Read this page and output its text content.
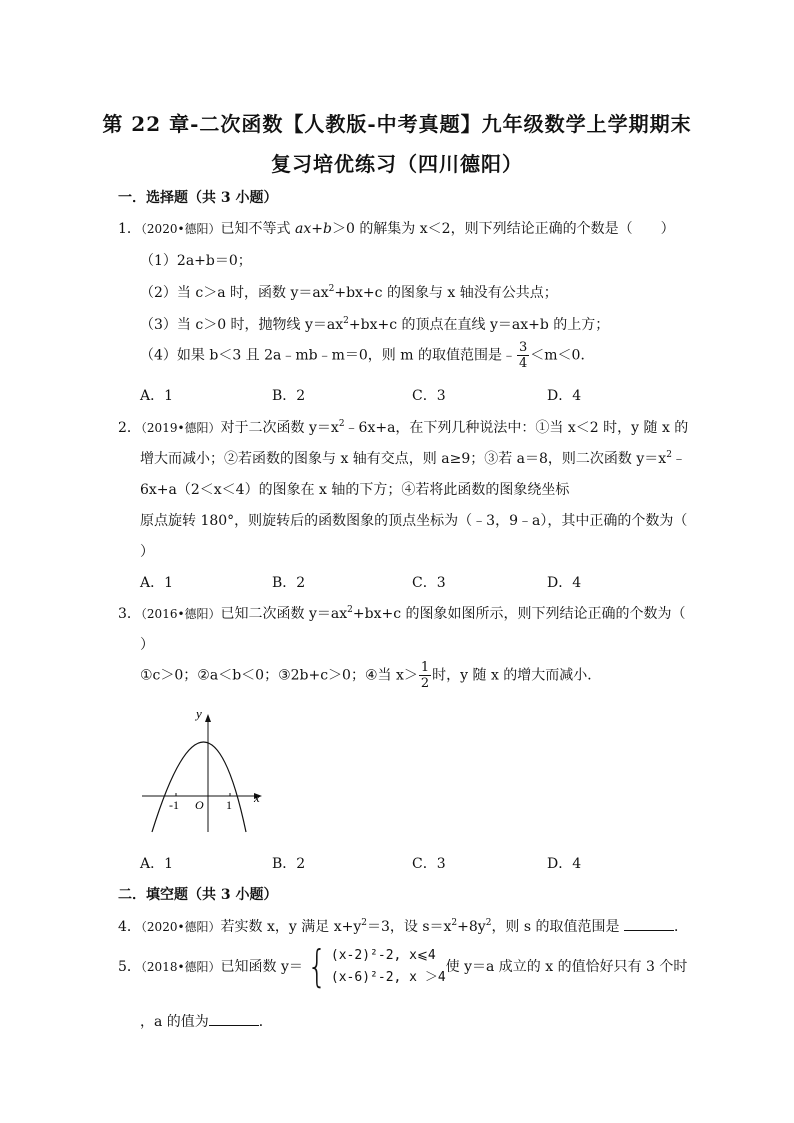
第 22 章-二次函数【人教版-中考真题】九年级数学上学期期末
复习培优练习（四川德阳）
一．选择题（共 3 小题）
1．（2020•德阳）已知不等式 ax+b＞0 的解集为 x＜2，则下列结论正确的个数是（　　）
（1）2a+b＝0；
（2）当 c＞a 时，函数 $y=ax^2+bx+c$ 的图象与 x 轴没有公共点；
（3）当 c＞0 时，抛物线 $y=ax^2+bx+c$ 的顶点在直线 y＝ax+b 的上方；
（4）如果 b＜3 且 2a﹣mb﹣m＝0，则 m 的取值范围是﹣ $\frac{3}{4} <m<0$．
A．1	B．2	C．3	D．4
2．（2019•德阳）对于二次函数 $y=x^2﹣6x+a$，在下列几种说法中：①当 x＜2 时，y 随 x 的
增大而减小；②若函数的图象与 x 轴有交点，则 a≥9；③若 a＝8，则二次函数 $y=x^2﹣$
6x+a（2＜x＜4）的图象在 x 轴的下方；④若将此函数的图象绕坐标
原点旋转 180°，则旋转后的函数图象的顶点坐标为（﹣3，9﹣a），其中正确的个数为（
）
A．1	B．2	C．3	D．4
3．（2016•德阳）已知二次函数 $y=ax^2+bx+c$ 的图象如图所示，则下列结论正确的个数为（
）
①c＞0；②a＜b＜0；③2b+c＞0；④当 $x> \frac{1}{2}$ 时，y 随 x 的增大而减小．
y
x
O
-1	1
A．1	B．2	C．3	D．4
二．填空题（共 3 小题）
4．（2020•德阳）若实数 x，y 满足 $x+y^2=3$，设 $s=x^2+8y^2$，则 s 的取值范围是	．
5．（2018•德阳）已知函数 y＝{ (x-2)²-2, x⩽4
(x-6)²-2, x ＞4
使 y＝a 成立的 x 的值恰好只有 3 个时
，a 的值为	．
